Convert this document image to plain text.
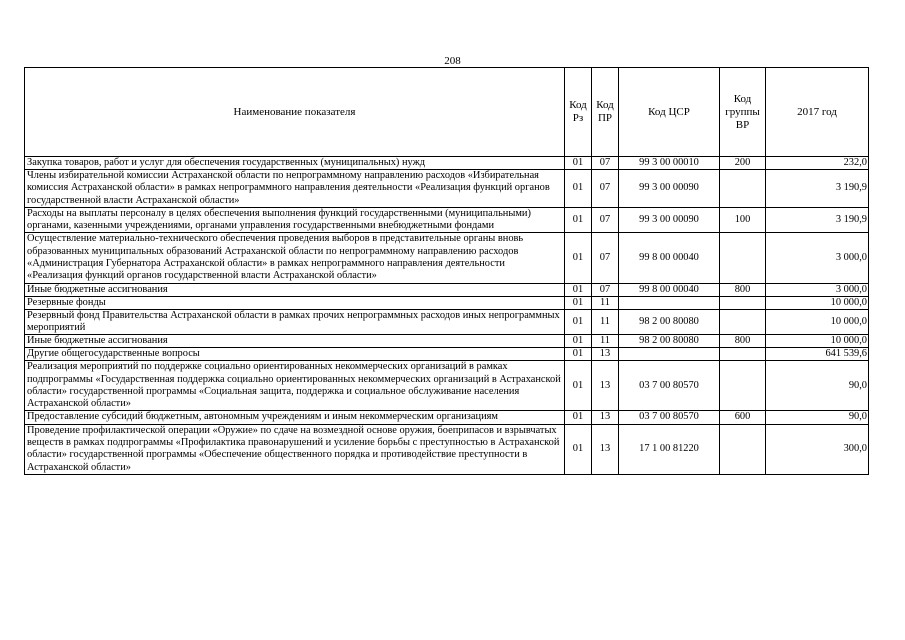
208
Наименование показателя	Код Рз	Код ПР	Код ЦСР	Код группы ВР	2017 год
Закупка товаров, работ и услуг для обеспечения государственных (муниципальных) нужд	01	07	99 3 00 00010	200	232,0
Члены избирательной комиссии Астраханской области по непрограммному направлению расходов «Избирательная комиссия Астраханской области» в рамках непрограммного направления деятельности «Реализация функций органов государственной власти Астраханской области»	01	07	99 3 00 00090		3 190,9
Расходы на выплаты персоналу в целях обеспечения выполнения функций государственными (муниципальными) органами, казенными учреждениями, органами управления государственными внебюджетными фондами	01	07	99 3 00 00090	100	3 190,9
Осуществление материально-технического обеспечения проведения выборов в представительные органы вновь образованных муниципальных образований Астраханской области по непрограммному направлению расходов «Администрация Губернатора Астраханской области» в рамках непрограммного направления деятельности «Реализация функций органов государственной власти Астраханской области»	01	07	99 8 00 00040		3 000,0
Иные бюджетные ассигнования	01	07	99 8 00 00040	800	3 000,0
Резервные фонды	01	11			10 000,0
Резервный фонд Правительства Астраханской области в рамках прочих непрограммных расходов иных непрограммных мероприятий	01	11	98 2 00 80080		10 000,0
Иные бюджетные ассигнования	01	11	98 2 00 80080	800	10 000,0
Другие общегосударственные вопросы	01	13			641 539,6
Реализация мероприятий по поддержке социально ориентированных некоммерческих организаций в рамках подпрограммы «Государственная поддержка социально ориентированных некоммерческих организаций в Астраханской области» государственной программы «Социальная защита, поддержка и социальное обслуживание населения Астраханской области»	01	13	03 7 00 80570		90,0
Предоставление субсидий бюджетным, автономным учреждениям и иным некоммерческим организациям	01	13	03 7 00 80570	600	90,0
Проведение профилактической операции «Оружие» по сдаче на возмездной основе оружия, боеприпасов и взрывчатых веществ в рамках подпрограммы «Профилактика правонарушений и усиление борьбы с преступностью в Астраханской области» государственной программы «Обеспечение общественного порядка и противодействие преступности в Астраханской области»	01	13	17 1 00 81220		300,0
